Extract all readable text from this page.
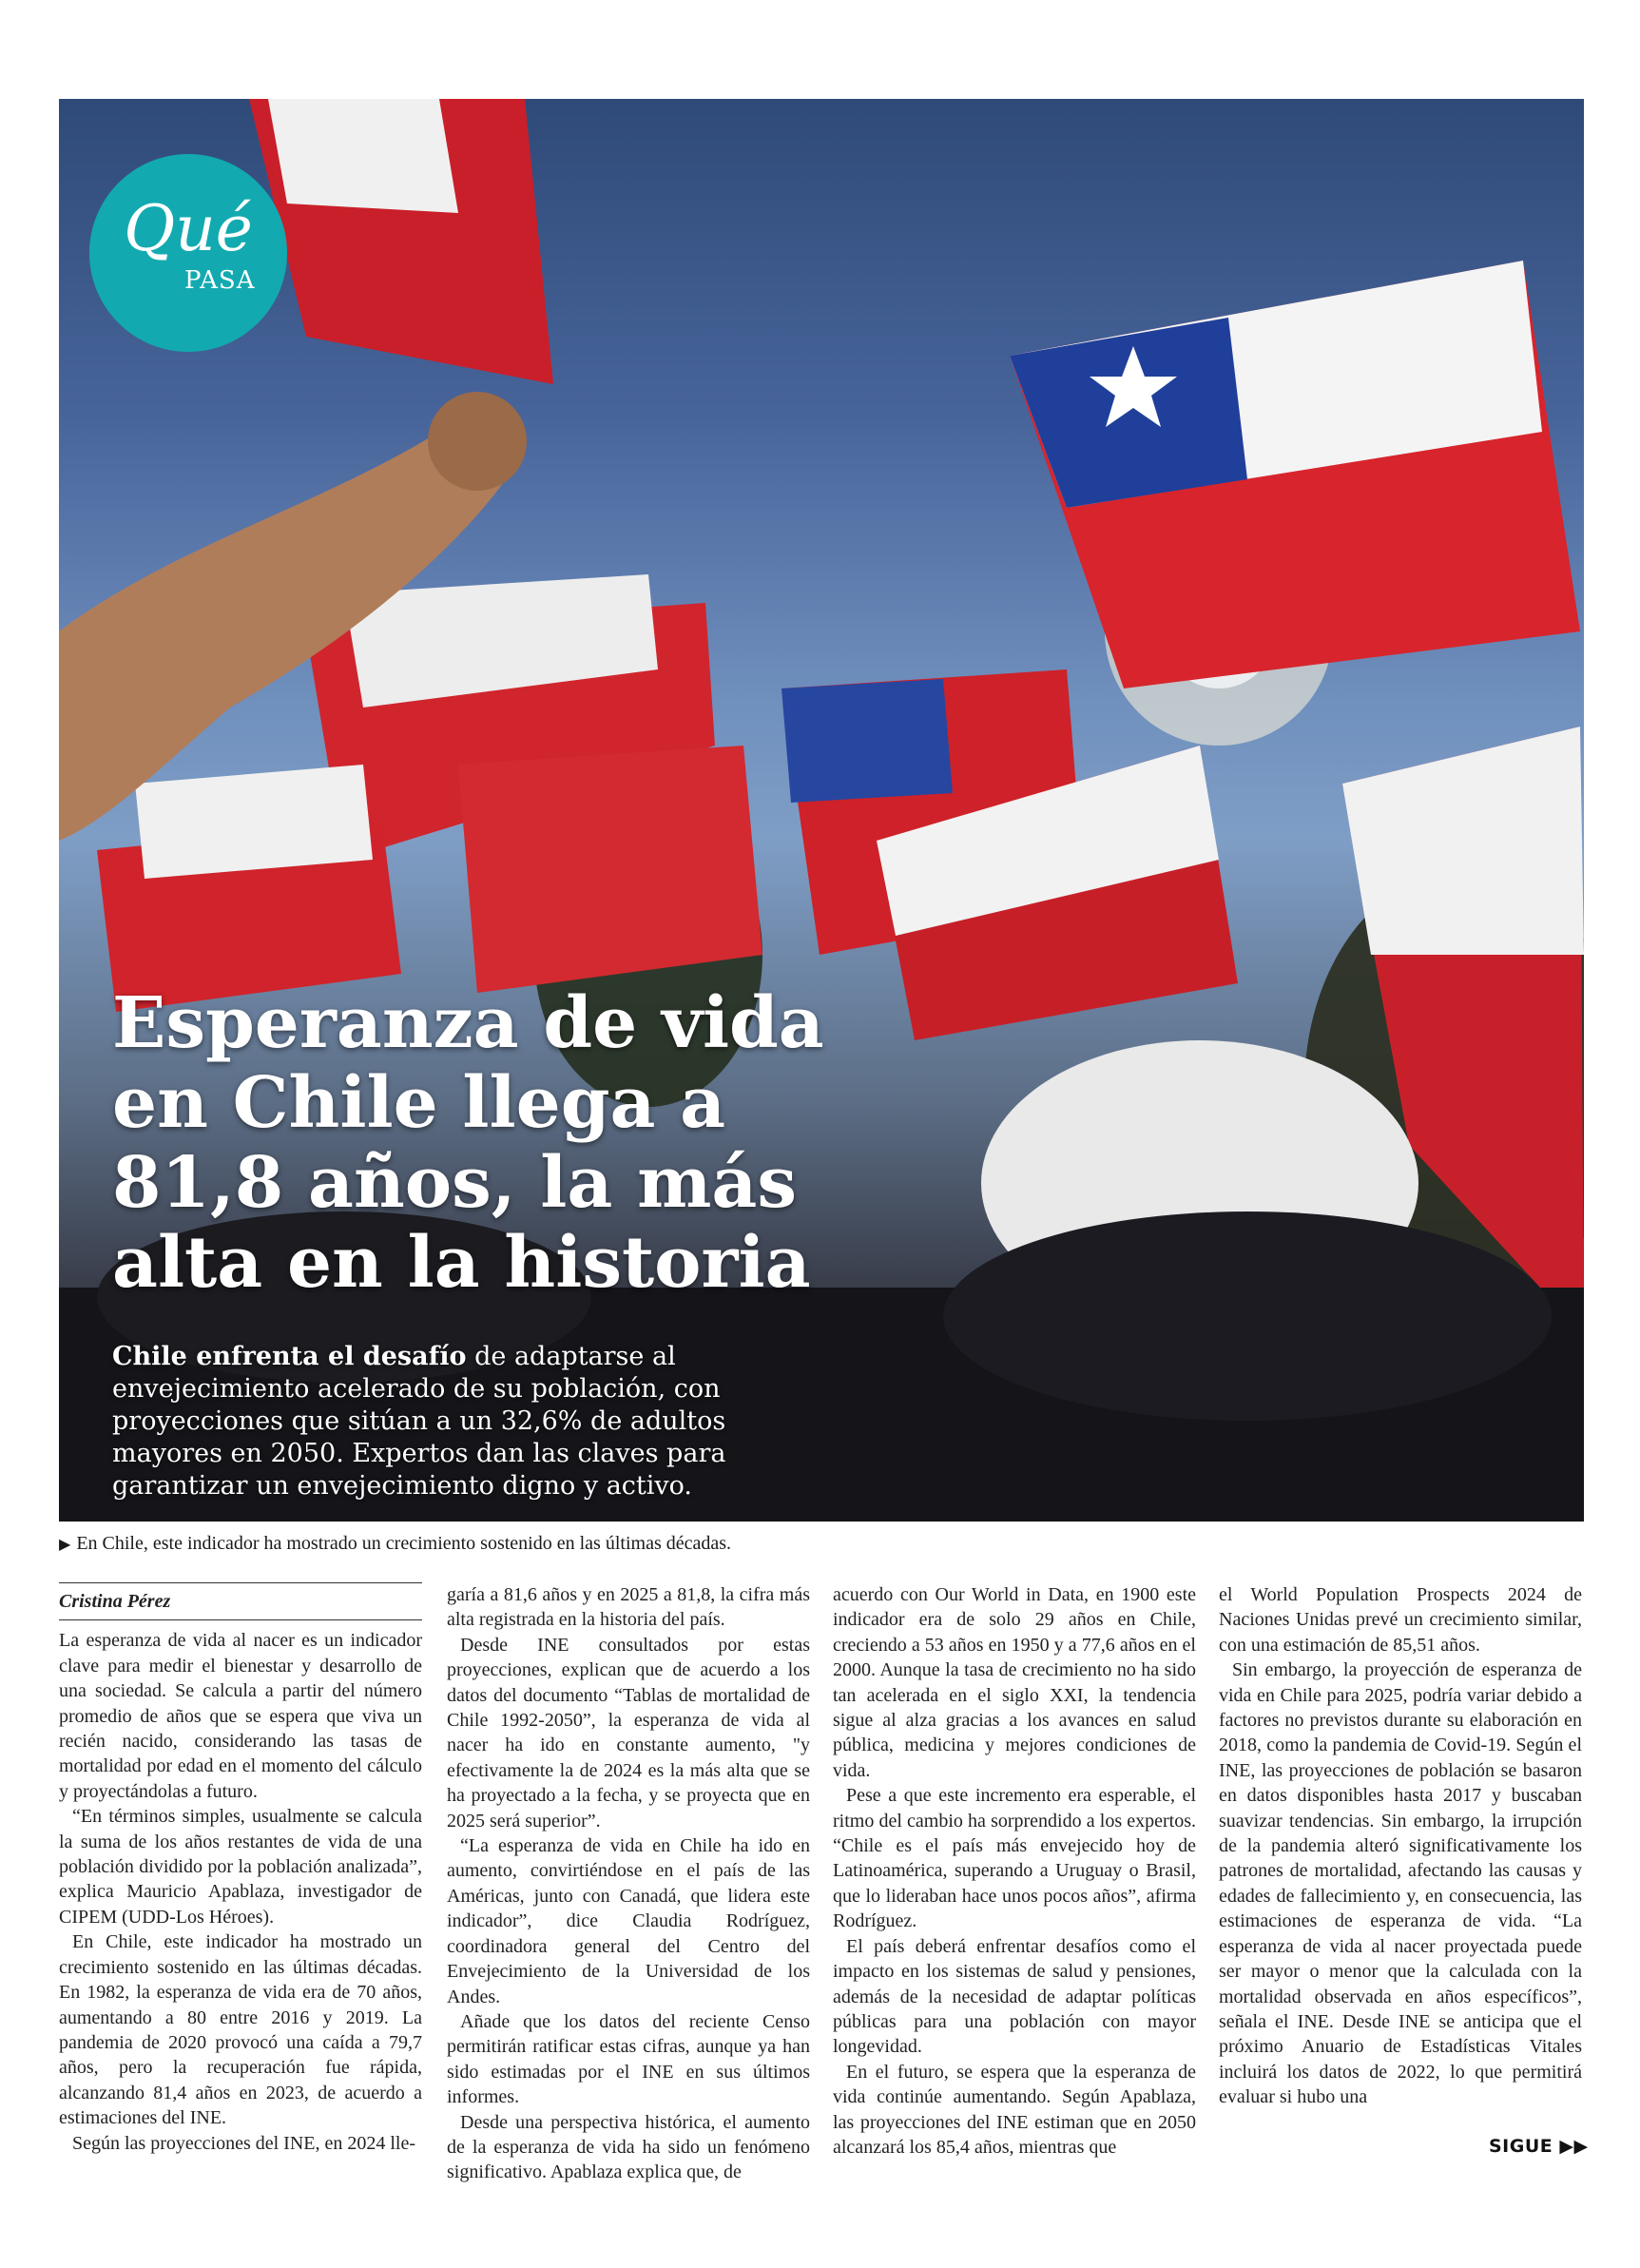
Qué
PASA
Esperanza de vida en Chile llega a 81,8 años, la más alta en la historia

Chile enfrenta el desafío de adaptarse al envejecimiento acelerado de su población, con proyecciones que sitúan a un 32,6% de adultos mayores en 2050. Expertos dan las claves para garantizar un envejecimiento digno y activo.

▶ En Chile, este indicador ha mostrado un crecimiento sostenido en las últimas décadas.
Cristina Pérez

La esperanza de vida al nacer es un indicador clave para medir el bienestar y desarrollo de una sociedad. Se calcula a partir del número promedio de años que se espera que viva un recién nacido, considerando las tasas de mortalidad por edad en el momento del cálculo y proyectándolas a futuro.

“En términos simples, usualmente se calcula la suma de los años restantes de vida de una población dividido por la población analizada”, explica Mauricio Apablaza, investigador de CIPEM (UDD-Los Héroes).

En Chile, este indicador ha mostrado un crecimiento sostenido en las últimas décadas. En 1982, la esperanza de vida era de 70 años, aumentando a 80 entre 2016 y 2019. La pandemia de 2020 provocó una caída a 79,7 años, pero la recuperación fue rápida, alcanzando 81,4 años en 2023, de acuerdo a estimaciones del INE.

Según las proyecciones del INE, en 2024 lle-

garía a 81,6 años y en 2025 a 81,8, la cifra más alta registrada en la historia del país.

Desde INE consultados por estas proyecciones, explican que de acuerdo a los datos del documento “Tablas de mortalidad de Chile 1992-2050”, la esperanza de vida al nacer ha ido en constante aumento, "y efectivamente la de 2024 es la más alta que se ha proyectado a la fecha, y se proyecta que en 2025 será superior”.

“La esperanza de vida en Chile ha ido en aumento, convirtiéndose en el país de las Américas, junto con Canadá, que lidera este indicador”, dice Claudia Rodríguez, coordinadora general del Centro del Envejecimiento de la Universidad de los Andes.

Añade que los datos del reciente Censo permitirán ratificar estas cifras, aunque ya han sido estimadas por el INE en sus últimos informes.

Desde una perspectiva histórica, el aumento de la esperanza de vida ha sido un fenómeno significativo. Apablaza explica que, de

acuerdo con Our World in Data, en 1900 este indicador era de solo 29 años en Chile, creciendo a 53 años en 1950 y a 77,6 años en el 2000. Aunque la tasa de crecimiento no ha sido tan acelerada en el siglo XXI, la tendencia sigue al alza gracias a los avances en salud pública, medicina y mejores condiciones de vida.

Pese a que este incremento era esperable, el ritmo del cambio ha sorprendido a los expertos. “Chile es el país más envejecido hoy de Latinoamérica, superando a Uruguay o Brasil, que lo lideraban hace unos pocos años”, afirma Rodríguez.

El país deberá enfrentar desafíos como el impacto en los sistemas de salud y pensiones, además de la necesidad de adaptar políticas públicas para una población con mayor longevidad.

En el futuro, se espera que la esperanza de vida continúe aumentando. Según Apablaza, las proyecciones del INE estiman que en 2050 alcanzará los 85,4 años, mientras que

el World Population Prospects 2024 de Naciones Unidas prevé un crecimiento similar, con una estimación de 85,51 años.

Sin embargo, la proyección de esperanza de vida en Chile para 2025, podría variar debido a factores no previstos durante su elaboración en 2018, como la pandemia de Covid-19. Según el INE, las proyecciones de población se basaron en datos disponibles hasta 2017 y buscaban suavizar tendencias. Sin embargo, la irrupción de la pandemia alteró significativamente los patrones de mortalidad, afectando las causas y edades de fallecimiento y, en consecuencia, las estimaciones de esperanza de vida. “La esperanza de vida al nacer proyectada puede ser mayor o menor que la calculada con la mortalidad observada en años específicos”, señala el INE. Desde INE se anticipa que el próximo Anuario de Estadísticas Vitales incluirá los datos de 2022, lo que permitirá evaluar si hubo una

SIGUE ▶▶
